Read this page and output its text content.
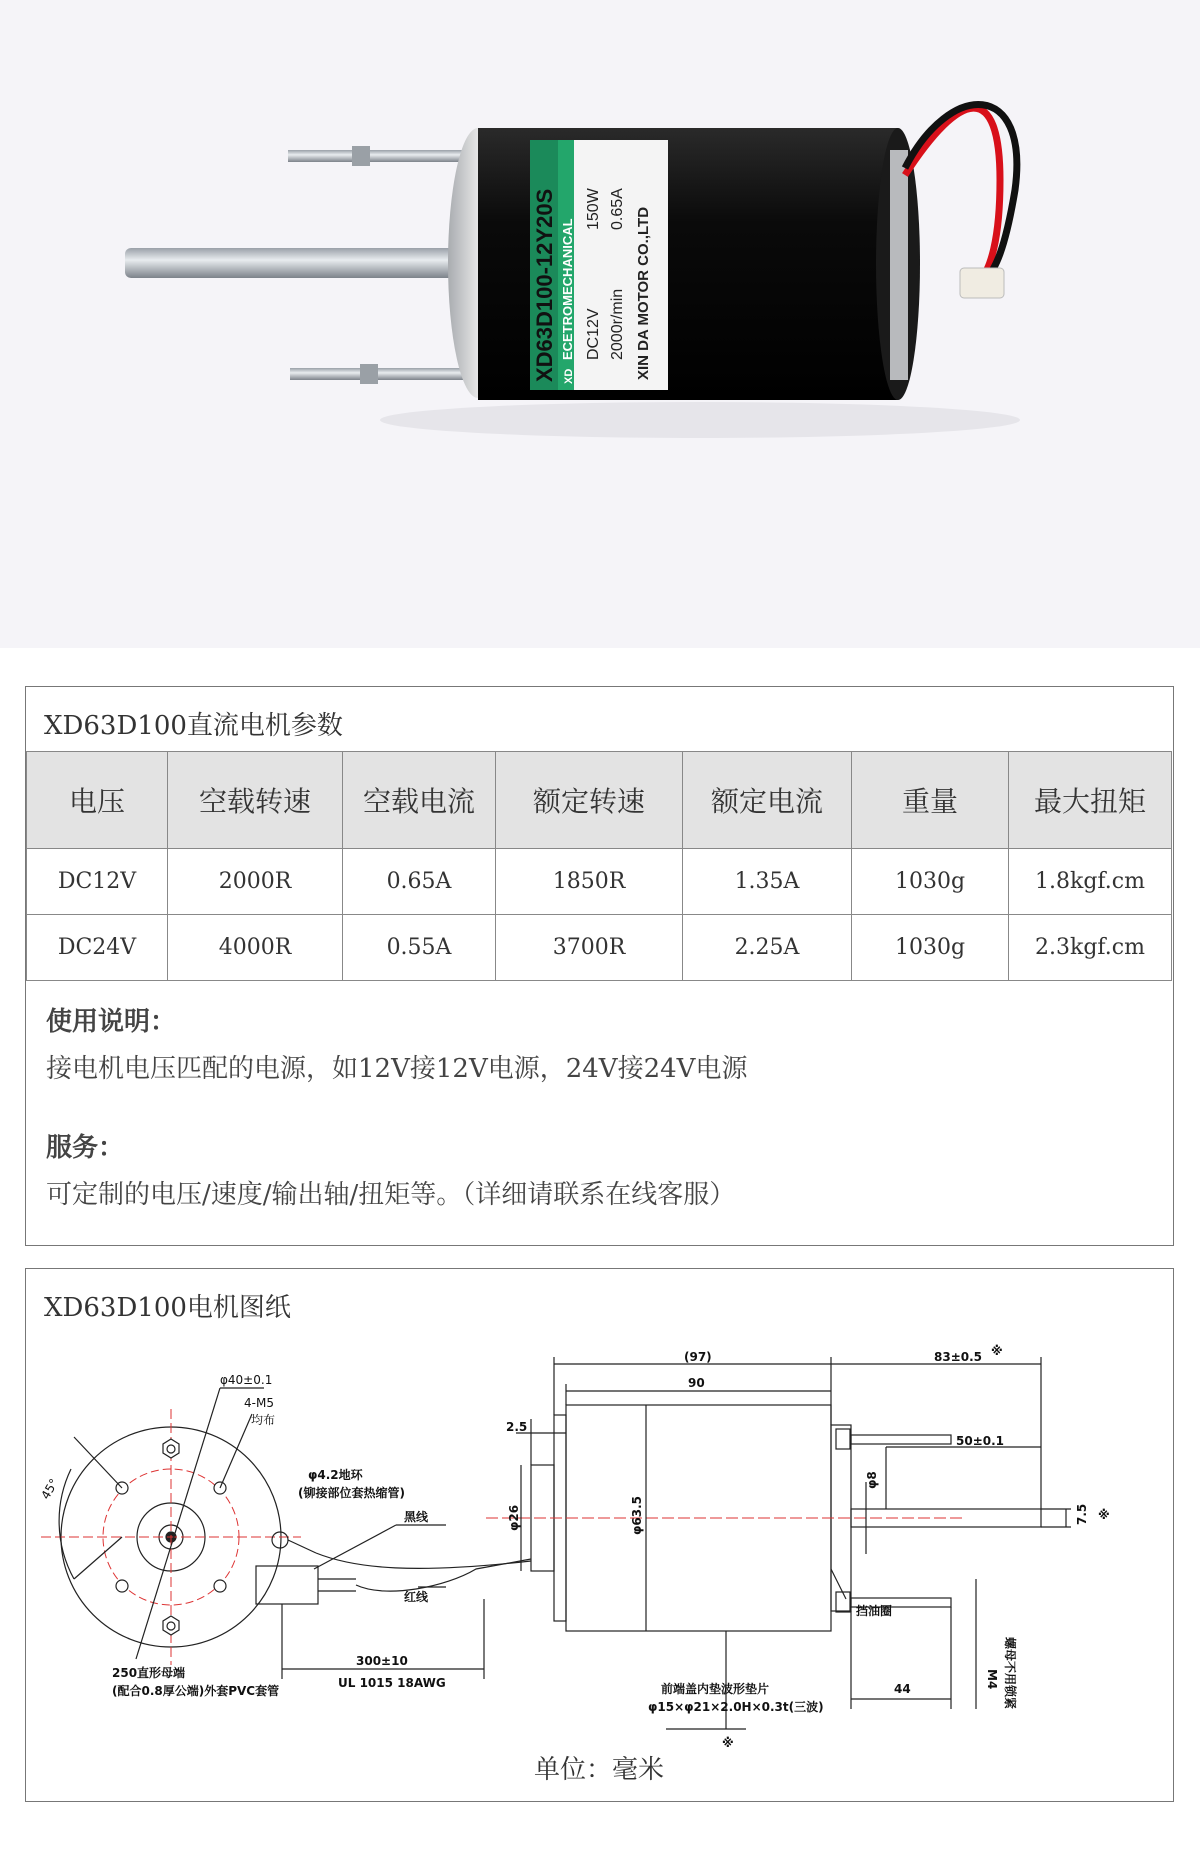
XD63D100-12Y20S ECETROMECHANICAL DC12V
150W
2000r/min
0.65A XIN DA MOTOR CO.,LTD
XD
XD63D100直流电机参数
电压	空载转速	空载电流	额定转速	额定电流	重量	最大扭矩
DC12V	2000R	0.65A	1850R	1.35A	1030g	1.8kgf.cm
DC24V	4000R	0.55A	3700R	2.25A	1030g	2.3kgf.cm

使用说明：

接电机电压匹配的电源，如12V接12V电源，24V接24V电源

服务：

可定制的电压/速度/输出轴/扭矩等。（详细请联系在线客服）

XD63D100电机图纸
φ40±0.1
4-M5
均布
45°
φ4.2地环
(铆接部位套热缩管)
黑线
红线
300±10
UL 1015 18AWG
250直形母端
(配合0.8厚公端)外套PVC套管
(97)
90
83±0.5 ※
2.5
φ26	φ63.5
φ8
50±0.1
7.5 ※
挡油圈
44	M4 螺母不用锁紧
前端盖内垫波形垫片
φ15×φ21×2.0H×0.3t(三波)
※
单位：毫米
